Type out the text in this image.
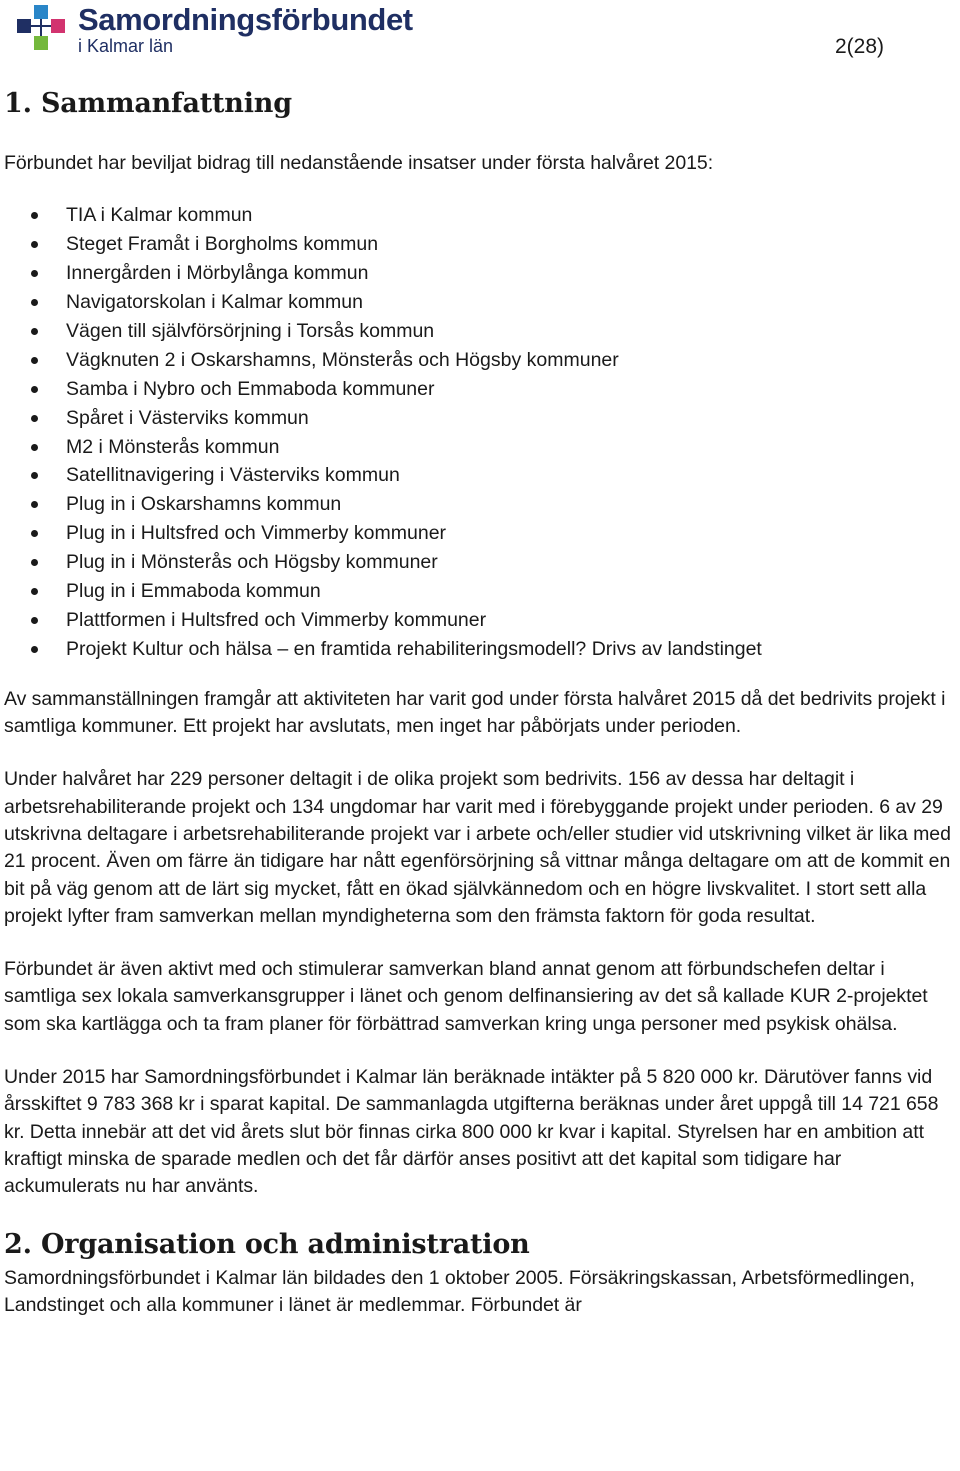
Samordningsförbundet
i Kalmar län	2(28)
1. Sammanfattning

Förbundet har beviljat bidrag till nedanstående insatser under första halvåret 2015:

TIA i Kalmar kommun
Steget Framåt i Borgholms kommun
Innergården i Mörbylånga kommun
Navigatorskolan i Kalmar kommun
Vägen till självförsörjning i Torsås kommun
Vägknuten 2 i Oskarshamns, Mönsterås och Högsby kommuner
Samba i Nybro och Emmaboda kommuner
Spåret i Västerviks kommun
M2 i Mönsterås kommun
Satellitnavigering i Västerviks kommun
Plug in i Oskarshamns kommun
Plug in i Hultsfred och Vimmerby kommuner
Plug in i Mönsterås och Högsby kommuner
Plug in i Emmaboda kommun
Plattformen i Hultsfred och Vimmerby kommuner
Projekt Kultur och hälsa – en framtida rehabiliteringsmodell? Drivs av landstinget

Av sammanställningen framgår att aktiviteten har varit god under första halvåret 2015 då det bedrivits projekt i samtliga kommuner. Ett projekt har avslutats, men inget har påbörjats under perioden.

Under halvåret har 229 personer deltagit i de olika projekt som bedrivits. 156 av dessa har deltagit i arbetsrehabiliterande projekt och 134 ungdomar har varit med i förebyggande projekt under perioden. 6 av 29 utskrivna deltagare i arbetsrehabiliterande projekt var i arbete och/eller studier vid utskrivning vilket är lika med 21 procent. Även om färre än tidigare har nått egenförsörjning så vittnar många deltagare om att de kommit en bit på väg genom att de lärt sig mycket, fått en ökad självkännedom och en högre livskvalitet. I stort sett alla projekt lyfter fram samverkan mellan myndigheterna som den främsta faktorn för goda resultat.

Förbundet är även aktivt med och stimulerar samverkan bland annat genom att förbundschefen deltar i samtliga sex lokala samverkansgrupper i länet och genom delfinansiering av det så kallade KUR 2-projektet som ska kartlägga och ta fram planer för förbättrad samverkan kring unga personer med psykisk ohälsa.

Under 2015 har Samordningsförbundet i Kalmar län beräknade intäkter på 5 820 000 kr. Därutöver fanns vid årsskiftet 9 783 368 kr i sparat kapital. De sammanlagda utgifterna beräknas under året uppgå till 14 721 658 kr. Detta innebär att det vid årets slut bör finnas cirka 800 000 kr kvar i kapital. Styrelsen har en ambition att kraftigt minska de sparade medlen och det får därför anses positivt att det kapital som tidigare har ackumulerats nu har använts.

2. Organisation och administration

Samordningsförbundet i Kalmar län bildades den 1 oktober 2005. Försäkringskassan, Arbetsförmedlingen, Landstinget och alla kommuner i länet är medlemmar. Förbundet är
